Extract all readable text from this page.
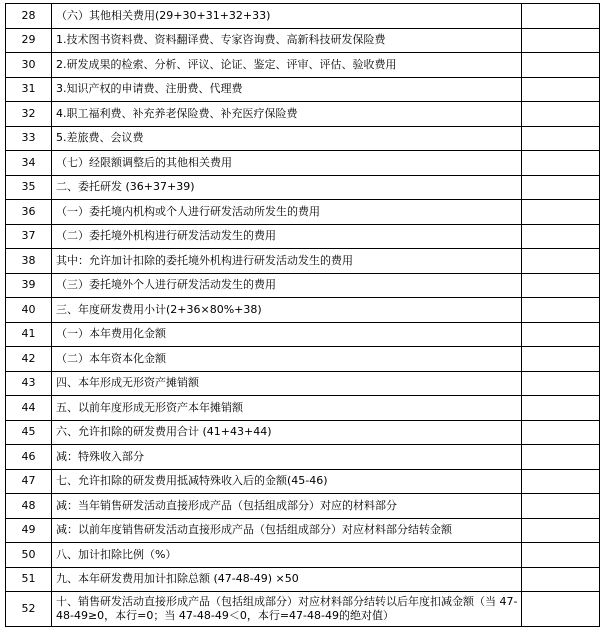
28	（六）其他相关费用(29+30+31+32+33)	
29	1.技术图书资料费、资料翻译费、专家咨询费、高新科技研发保险费	
30	2.研发成果的检索、分析、评议、论证、鉴定、评审、评估、验收费用	
31	3.知识产权的申请费、注册费、代理费	
32	4.职工福利费、补充养老保险费、补充医疗保险费	
33	5.差旅费、会议费	
34	（七）经限额调整后的其他相关费用	
35	二、委托研发 (36+37+39)	
36	（一）委托境内机构或个人进行研发活动所发生的费用	
37	（二）委托境外机构进行研发活动发生的费用	
38	其中：允许加计扣除的委托境外机构进行研发活动发生的费用	
39	（三）委托境外个人进行研发活动发生的费用	
40	三、年度研发费用小计(2+36×80%+38)	
41	（一）本年费用化金额	
42	（二）本年资本化金额	
43	四、本年形成无形资产摊销额	
44	五、以前年度形成无形资产本年摊销额	
45	六、允许扣除的研发费用合计 (41+43+44)	
46	减：特殊收入部分	
47	七、允许扣除的研发费用抵减特殊收入后的金额(45-46)	
48	减：当年销售研发活动直接形成产品（包括组成部分）对应的材料部分	
49	减：以前年度销售研发活动直接形成产品（包括组成部分）对应材料部分结转金额	
50	八、加计扣除比例（%）	
51	九、本年研发费用加计扣除总额 (47-48-49) ×50	
52	十、销售研发活动直接形成产品（包括组成部分）对应材料部分结转以后年度扣减金额（当 47-48-49≥0，本行=0；当 47-48-49＜0，本行=47-48-49的绝对值）	
